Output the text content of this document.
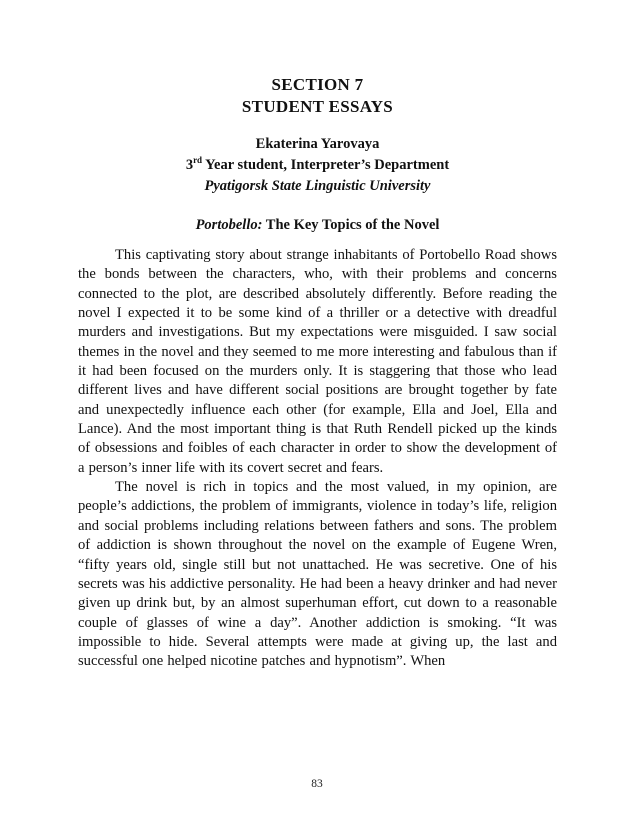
SECTION 7
STUDENT ESSAYS
Ekaterina Yarovaya
3rd Year student, Interpreter’s Department
Pyatigorsk State Linguistic University
Portobello: The Key Topics of the Novel

This captivating story about strange inhabitants of Portobello Road shows the bonds between the characters, who, with their problems and concerns connected to the plot, are described absolutely differently. Before reading the novel I expected it to be some kind of a thriller or a detective with dreadful murders and investigations. But my expectations were misguided. I saw social themes in the novel and they seemed to me more interesting and fabulous than if it had been focused on the murders only. It is staggering that those who lead different lives and have different social positions are brought together by fate and unexpectedly influence each other (for example, Ella and Joel, Ella and Lance). And the most important thing is that Ruth Rendell picked up the kinds of obsessions and foibles of each character in order to show the development of a person’s inner life with its covert secret and fears.

The novel is rich in topics and the most valued, in my opinion, are people’s addictions, the problem of immigrants, violence in today’s life, religion and social problems including relations between fathers and sons. The problem of addiction is shown throughout the novel on the example of Eugene Wren, “fifty years old, single still but not unattached. He was secretive. One of his secrets was his addictive personality. He had been a heavy drinker and had never given up drink but, by an almost superhuman effort, cut down to a reasonable couple of glasses of wine a day”. Another addiction is smoking. “It was impossible to hide. Several attempts were made at giving up, the last and successful one helped nicotine patches and hypnotism”. When

83
